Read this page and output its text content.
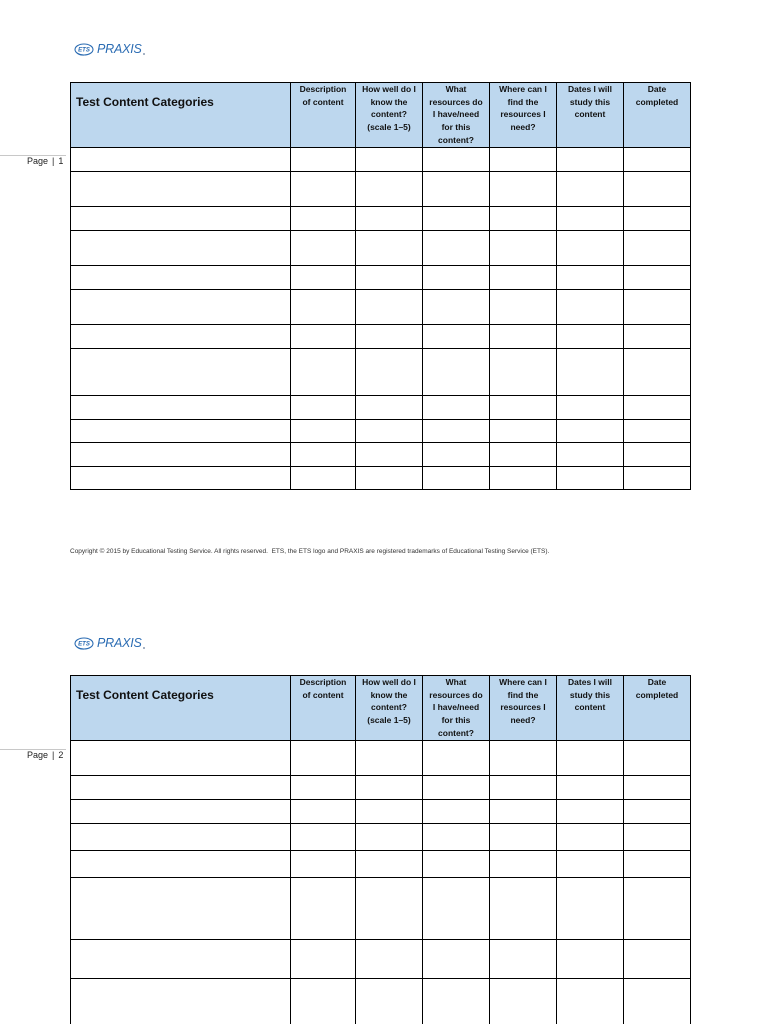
ETS PRAXIS
Page | 1
Test Content Categories	Description of content	How well do I know the content? (scale 1–5)	What resources do I have/need for this content?	Where can I find the resources I need?	Dates I will study this content	Date completed

Copyright © 2015 by Educational Testing Service. All rights reserved.  ETS, the ETS logo and PRAXIS are registered trademarks of Educational Testing Service (ETS).
ETS PRAXIS
Page | 2
Test Content Categories	Description of content	How well do I know the content? (scale 1–5)	What resources do I have/need for this content?	Where can I find the resources I need?	Dates I will study this content	Date completed
